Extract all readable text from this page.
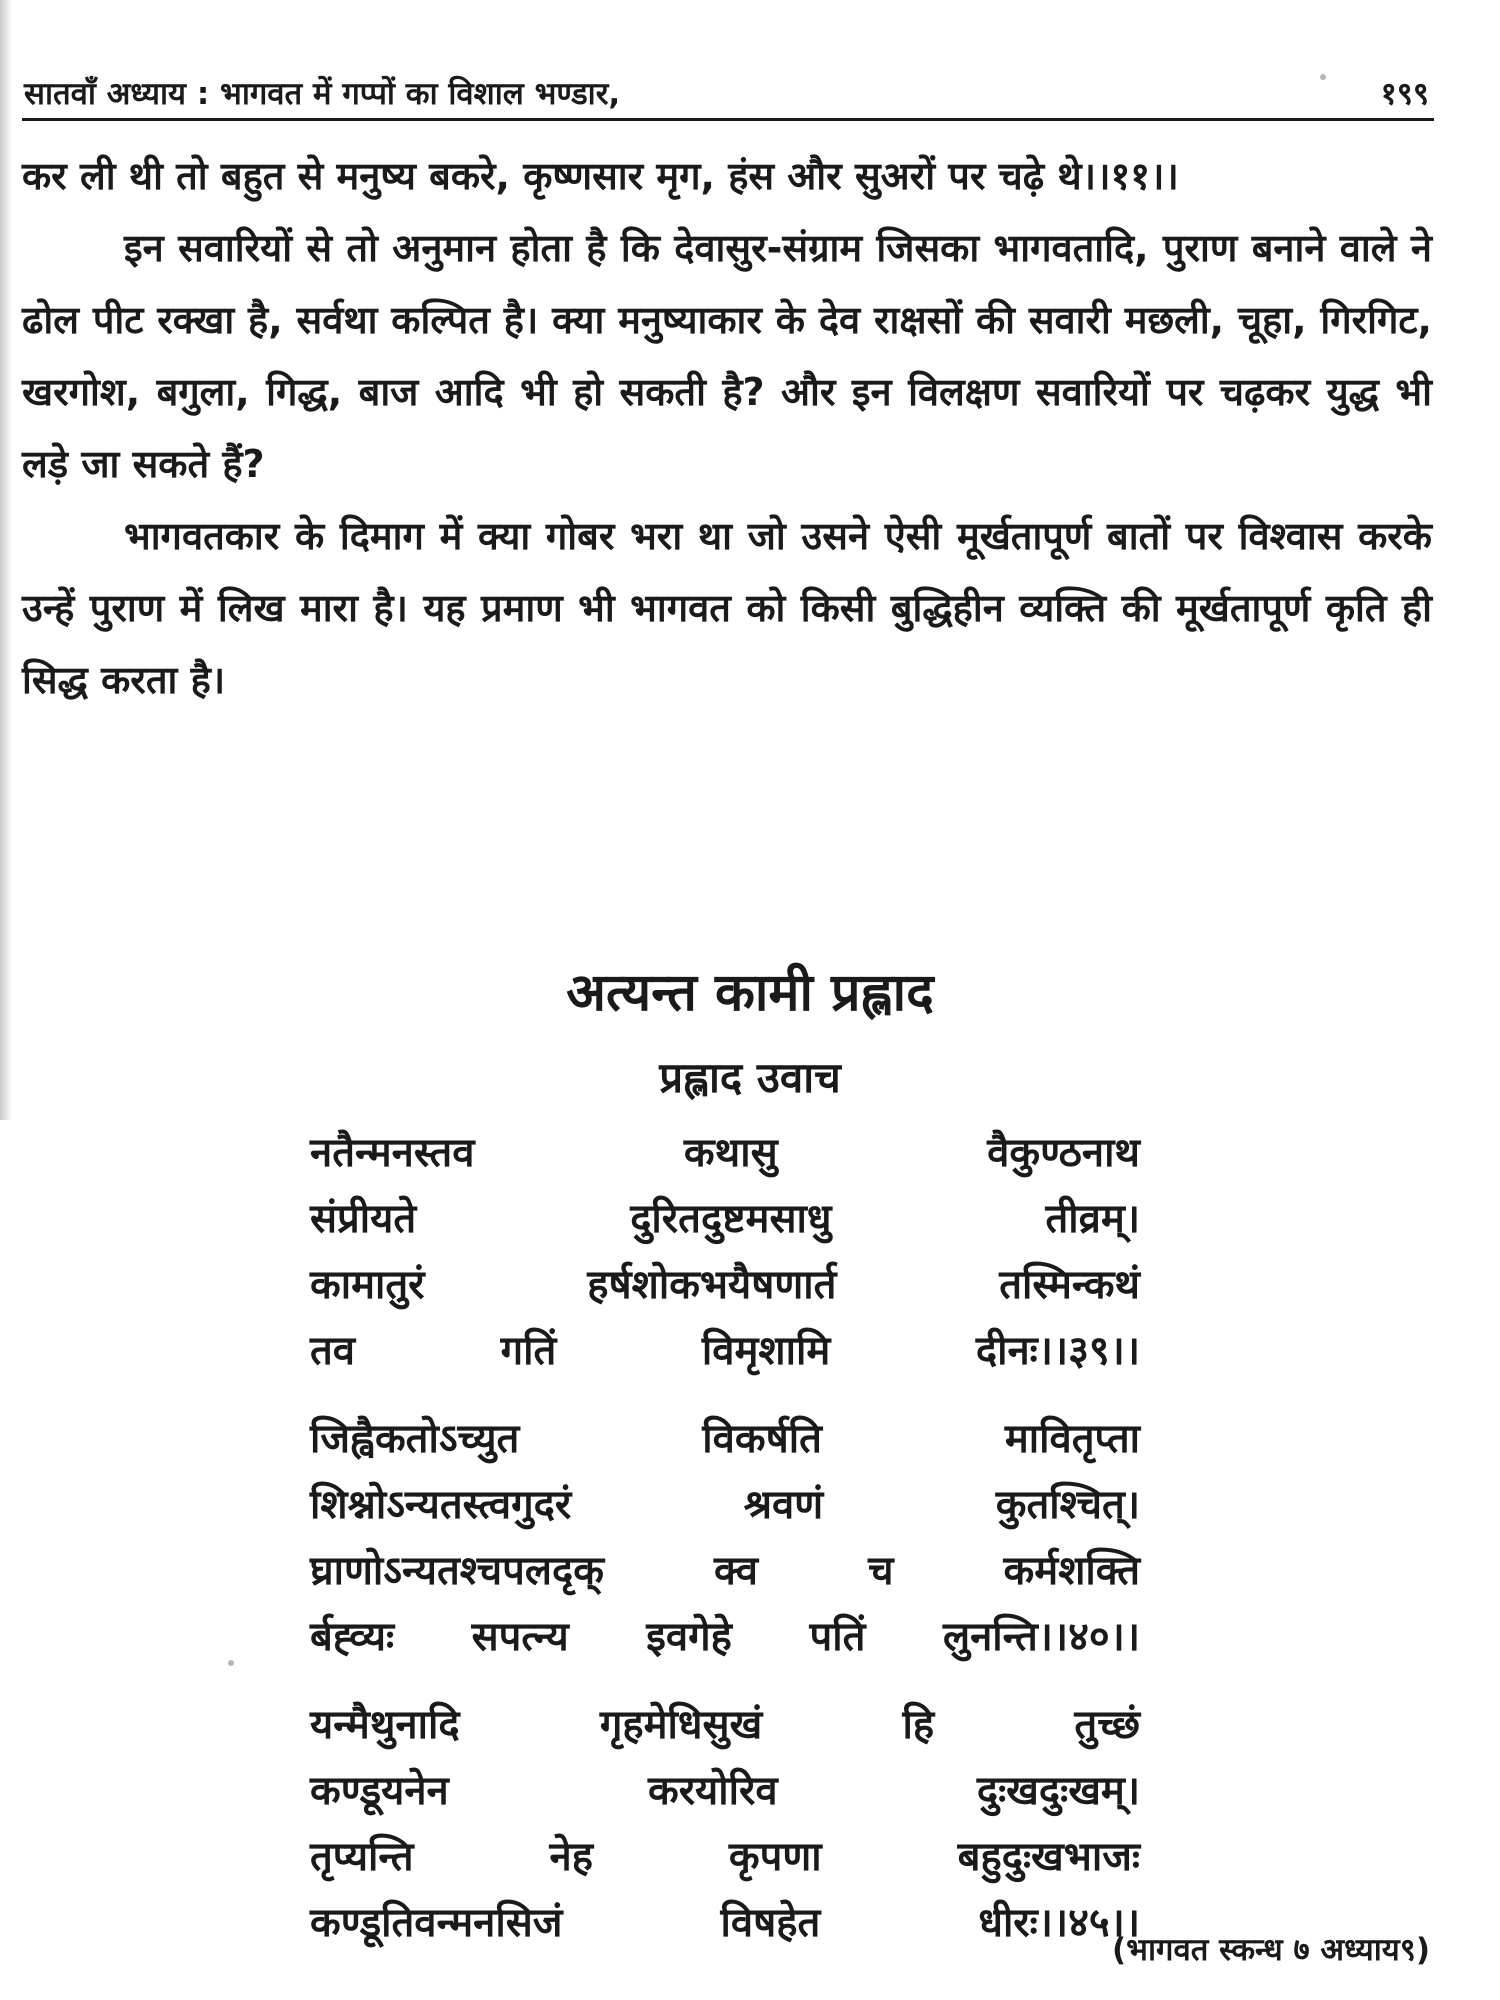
सातवाँ अध्याय : भागवत में गप्पों का विशाल भण्डार,	१९९

कर ली थी तो बहुत से मनुष्य बकरे, कृष्णसार मृग, हंस और सुअरों पर चढ़े थे।।११।।

इन सवारियों से तो अनुमान होता है कि देवासुर-संग्राम जिसका भागवतादि, पुराण बनाने वाले ने ढोल पीट रक्खा है, सर्वथा कल्पित है। क्या मनुष्याकार के देव राक्षसों की सवारी मछली, चूहा, गिरगिट, खरगोश, बगुला, गिद्ध, बाज आदि भी हो सकती है? और इन विलक्षण सवारियों पर चढ़कर युद्ध भी लड़े जा सकते हैं?

भागवतकार के दिमाग में क्या गोबर भरा था जो उसने ऐसी मूर्खतापूर्ण बातों पर विश्वास करके उन्हें पुराण में लिख मारा है। यह प्रमाण भी भागवत को किसी बुद्धिहीन व्यक्ति की मूर्खतापूर्ण कृति ही सिद्ध करता है।

अत्यन्त कामी प्रह्लाद
प्रह्लाद उवाच
नतैन्मनस्तव कथासु वैकुण्ठनाथ
संप्रीयते दुरितदुष्टमसाधु तीव्रम्।
कामातुरं हर्षशोकभयैषणार्त तस्मिन्कथं
तव गतिं विमृशामि दीनः।।३९।।
जिह्वैकतोऽच्युत विकर्षति मावितृप्ता
शिश्नोऽन्यतस्त्वगुदरं श्रवणं कुतश्चित्।
घ्राणोऽन्यतश्चपलदृक् क्व च कर्मशक्ति
र्बह्व्यः सपत्न्य इवगेहे पतिं लुनन्ति।।४०।।
यन्मैथुनादि गृहमेधिसुखं हि तुच्छं
कण्डूयनेन करयोरिव दुःखदुःखम्।
तृप्यन्ति नेह कृपणा बहुदुःखभाजः
कण्डूतिवन्मनसिजं विषहेत धीरः।।४५।।
(भागवत स्कन्ध ७ अध्याय९)
